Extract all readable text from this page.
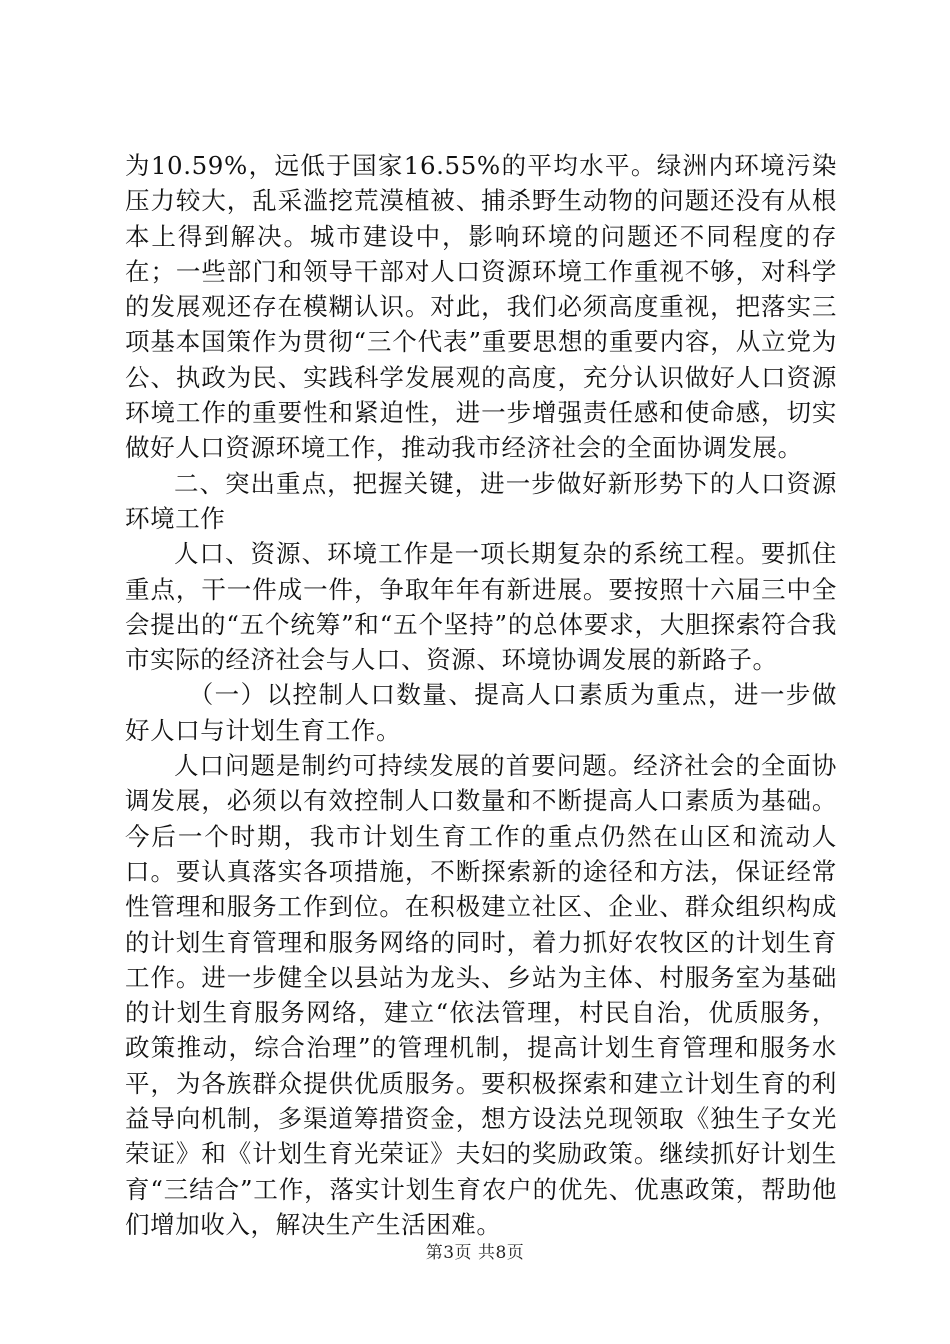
为10.59%，远低于国家16.55%的平均水平。绿洲内环境污染压力较大，乱采滥挖荒漠植被、捕杀野生动物的问题还没有从根本上得到解决。城市建设中，影响环境的问题还不同程度的存在；一些部门和领导干部对人口资源环境工作重视不够，对科学的发展观还存在模糊认识。对此，我们必须高度重视，把落实三项基本国策作为贯彻“三个代表”重要思想的重要内容，从立党为公、执政为民、实践科学发展观的高度，充分认识做好人口资源环境工作的重要性和紧迫性，进一步增强责任感和使命感，切实做好人口资源环境工作，推动我市经济社会的全面协调发展。

二、突出重点，把握关键，进一步做好新形势下的人口资源环境工作

人口、资源、环境工作是一项长期复杂的系统工程。要抓住重点，干一件成一件，争取年年有新进展。要按照十六届三中全会提出的“五个统筹”和“五个坚持”的总体要求，大胆探索符合我市实际的经济社会与人口、资源、环境协调发展的新路子。

（一）以控制人口数量、提高人口素质为重点，进一步做好人口与计划生育工作。

人口问题是制约可持续发展的首要问题。经济社会的全面协调发展，必须以有效控制人口数量和不断提高人口素质为基础。今后一个时期，我市计划生育工作的重点仍然在山区和流动人口。要认真落实各项措施，不断探索新的途径和方法，保证经常性管理和服务工作到位。在积极建立社区、企业、群众组织构成的计划生育管理和服务网络的同时，着力抓好农牧区的计划生育工作。进一步健全以县站为龙头、乡站为主体、村服务室为基础的计划生育服务网络，建立“依法管理，村民自治，优质服务，政策推动，综合治理”的管理机制，提高计划生育管理和服务水平，为各族群众提供优质服务。要积极探索和建立计划生育的利益导向机制，多渠道筹措资金，想方设法兑现领取《独生子女光荣证》和《计划生育光荣证》夫妇的奖励政策。继续抓好计划生育“三结合”工作，落实计划生育农户的优先、优惠政策，帮助他们增加收入，解决生产生活困难。

第3页 共8页
